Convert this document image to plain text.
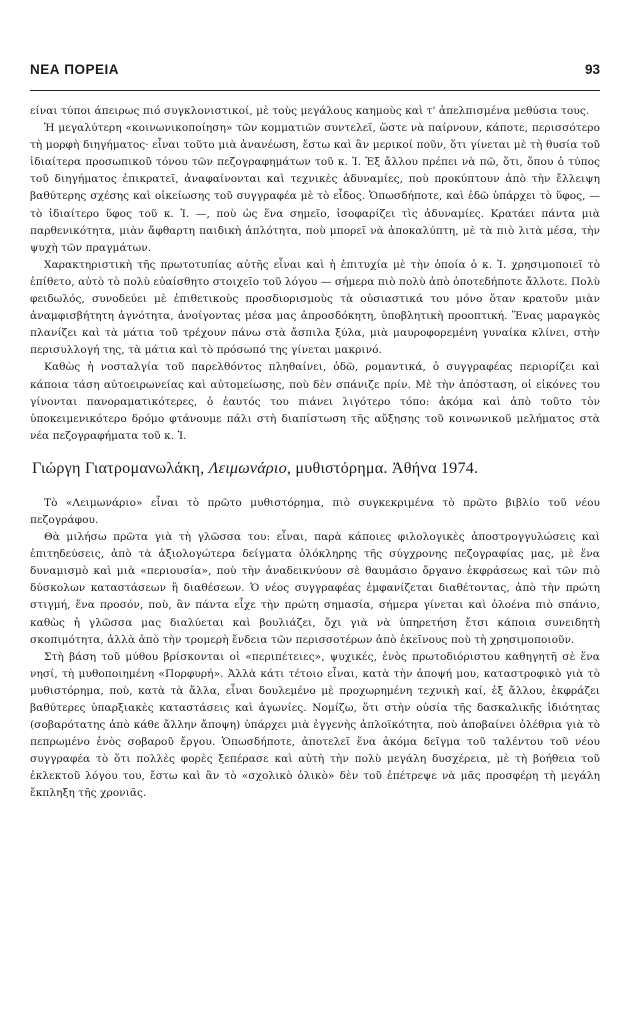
ΝΕΑ ΠΟΡΕΙΑ	93

είναι τύποι άπειρως πιό συγκλονιστικοί, μὲ τοὺς μεγάλους καημοὺς καὶ τ' ἀπελπισμένα μεθύσια τους.

Ἡ μεγαλύτερη «κοινωνικοποίηση» τῶν κομματιῶν συντελεῖ, ὥστε νὰ παίρνουν, κάποτε, περισσότερο τὴ μορφὴ διηγήματος· εἶναι τοῦτο μιὰ ἀνανέωση, ἔστω καὶ ἂν μερικοί ποῦν, ὅτι γίνεται μὲ τὴ θυσία τοῦ ἰδιαίτερα προσωπικοῦ τόνου τῶν πεζογραφημάτων τοῦ κ. Ἰ. Ἐξ ἄλλου πρέπει νὰ πῶ, ὅτι, ὅπου ὁ τύπος τοῦ διηγήματος ἐπικρατεῖ, ἀναφαίνονται καὶ τεχνικὲς ἀδυναμίες, ποὺ προκύπτουν ἀπὸ τὴν ἔλλειψη βαθύτερης σχέσης καὶ οἰκείωσης τοῦ συγγραφέα μὲ τὸ εἶδος. Ὁπωσδήποτε, καὶ ἐδῶ ὑπάρχει τὸ ὕφος, — τὸ ἰδιαίτερο ὕφος τοῦ κ. Ἰ. —, ποὺ ὡς ἕνα σημεῖο, ἰσοφαρίζει τὶς ἀδυναμίες. Κρατάει πάντα μιὰ παρθενικότητα, μιὰν ἄφθαρτη παιδικὴ ἁπλότητα, ποὺ μπορεῖ νὰ ἀποκαλύπτη, μὲ τὰ πιὸ λιτὰ μέσα, τὴν ψυχὴ τῶν πραγμάτων.

Χαρακτηριστικὴ τῆς πρωτοτυπίας αὐτῆς εἶναι καὶ ἡ ἐπιτυχία μὲ τὴν ὁποία ὁ κ. Ἰ. χρησιμοποιεῖ τὸ ἐπίθετο, αὐτὸ τὸ πολὺ εὐαίσθητο στοιχεῖο τοῦ λόγου — σήμερα πιὸ πολὺ ἀπὸ ὁποτεδήποτε ἄλλοτε. Πολὺ φειδωλός, συνοδεύει μὲ ἐπιθετικοὺς προσδιορισμοὺς τὰ οὐσιαστικά του μόνο ὅταν κρατοῦν μιὰν ἀναμφισβήτητη ἁγνότητα, ἀνοίγοντας μέσα μας ἀπροσδόκητη, ὑποβλητικὴ προοπτική. Ἕνας μαραγκὸς πλανίζει καὶ τὰ μάτια τοῦ τρέχουν πάνω στὰ ἄσπιλα ξύλα, μιὰ μαυροφορεμένη γυναίκα κλίνει, στὴν περισυλλογή της, τὰ μάτια καὶ τὸ πρόσωπό της γίνεται μακρινό.

Καθὼς ἡ νοσταλγία τοῦ παρελθόντος πληθαίνει, ὁδῶ, ρομαντικά, ὁ συγγραφέας περιορίζει καὶ κάποια τάση αὐτοειρωνείας καὶ αὐτομείωσης, ποὺ δὲν σπάνιζε πρίν. Μὲ τὴν ἀπόσταση, οἱ εἰκόνες του γίνονται πανοραματικότερες, ὁ ἑαυτός του πιάνει λιγότερο τόπο: ἀκόμα καὶ ἀπὸ τοῦτο τὸν ὑποκειμενικότερο δρόμο φτάνουμε πάλι στὴ διαπίστωση τῆς αὔξησης τοῦ κοινωνικοῦ μελήματος στὰ νέα πεζογραφήματα τοῦ κ. Ἰ.

Γιώργη Γιατρομανωλάκη, Λειμωνάριο, μυθιστόρημα. Ἀθήνα 1974.

Τὸ «Λειμωνάριο» εἶναι τὸ πρῶτο μυθιστόρημα, πιὸ συγκεκριμένα τὸ πρῶτο βιβλίο τοῦ νέου πεζογράφου.

Θὰ μιλήσω πρῶτα γιὰ τὴ γλῶσσα του: εἶναι, παρὰ κάποιες φιλολογικὲς ἀποστρογγυλώσεις καὶ ἐπιτηδεύσεις, ἀπὸ τὰ ἀξιολογώτερα δείγματα ὁλόκληρης τῆς σύγχρονης πεζογραφίας μας, μὲ ἕνα δυναμισμὸ καὶ μιὰ «περιουσία», ποὺ τὴν ἀναδεικνύουν σὲ θαυμάσιο ὄργανο ἐκφράσεως καὶ τῶν πιὸ δύσκολων καταστάσεων ἢ διαθέσεων. Ὁ νέος συγγραφέας ἐμφανίζεται διαθέτοντας, ἀπὸ τὴν πρώτη στιγμή, ἕνα προσόν, ποὺ, ἂν πάντα εἶχε τὴν πρώτη σημασία, σήμερα γίνεται καὶ ὁλοένα πιὸ σπάνιο, καθὼς ἡ γλῶσσα μας διαλύεται καὶ βουλιάζει, ὄχι γιὰ νὰ ὑπηρετήση ἔτσι κάποια συνειδητὴ σκοπιμότητα, ἀλλὰ ἀπὸ τὴν τρομερὴ ἔνδεια τῶν περισσοτέρων ἀπὸ ἐκεῖνους ποὺ τὴ χρησιμοποιοῦν.

Στὴ βάση τοῦ μύθου βρίσκονται οἱ «περιπέτειες», ψυχικές, ἑνὸς πρωτοδιόριστου καθηγητῆ σὲ ἕνα νησί, τὴ μυθοποιημένη «Πορφυρή». Ἀλλὰ κάτι τέτοιο εἶναι, κατὰ τὴν ἀποψή μου, καταστροφικὸ γιὰ τὸ μυθιστόρημα, ποὺ, κατὰ τὰ ἄλλα, εἶναι δουλεμένο μὲ προχωρημένη τεχνικὴ καί, ἐξ ἄλλου, ἐκφράζει βαθύτερες ὑπαρξιακὲς καταστάσεις καὶ ἀγωνίες. Νομίζω, ὅτι στὴν οὐσία τῆς δασκαλικῆς ἰδιότητας (σοβαρότατης ἀπὸ κάθε ἄλλην ἄποψη) ὑπάρχει μιὰ ἐγγενὴς ἀπλοϊκότητα, ποὺ ἀποβαίνει ὀλέθρια γιὰ τὸ πεπρωμένο ἑνὸς σοβαροῦ ἔργου. Ὁπωσδήποτε, ἀποτελεῖ ἕνα ἀκόμα δεῖγμα τοῦ ταλέντου τοῦ νέου συγγραφέα τὸ ὅτι πολλὲς φορὲς ξεπέρασε καὶ αὐτὴ τὴν πολὺ μεγάλη δυσχέρεια, μὲ τὴ βοήθεια τοῦ ἐκλεκτοῦ λόγου του, ἔστω καὶ ἂν τὸ «σχολικὸ ὁλικὸ» δὲν τοῦ ἐπέτρεψε νὰ μᾶς προσφέρη τὴ μεγάλη ἔκπληξη τῆς χρονιᾶς.
